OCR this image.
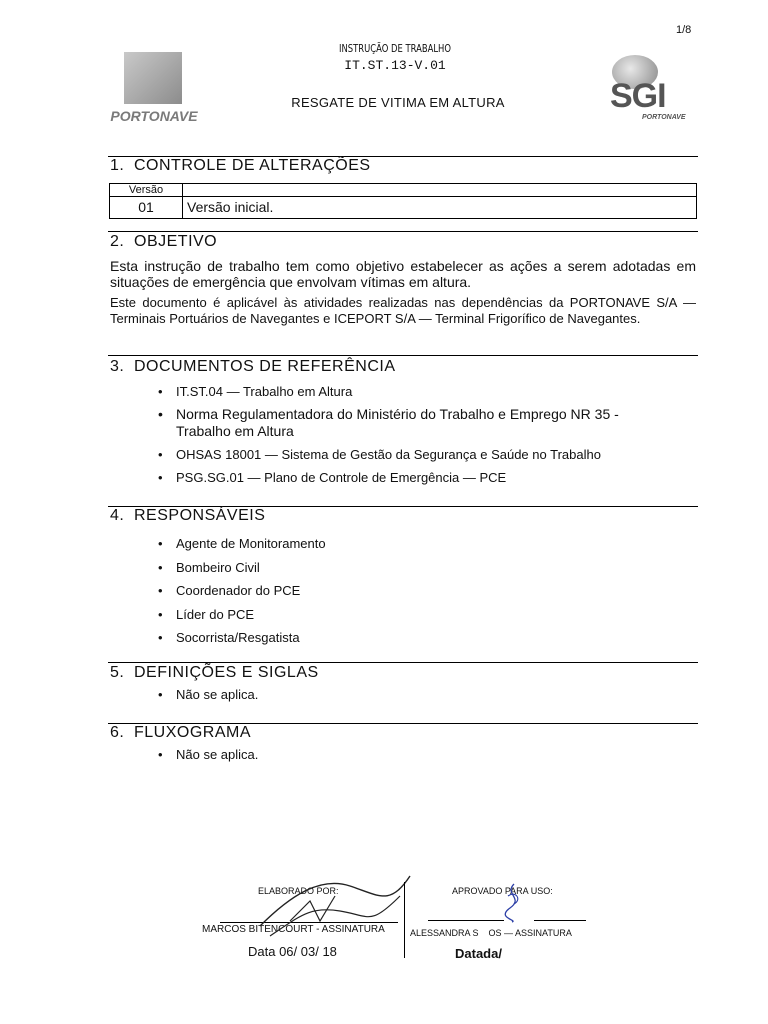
1/8
PORTONAVE
INSTRUÇÃO DE TRABALHO
IT.ST.13-V.01
RESGATE DE VITIMA EM ALTURA	SGI
PORTONAVE
1. CONTROLE DE ALTERAÇÕES
Versão	
01	Versão inicial.
2. OBJETIVO
Esta instrução de trabalho tem como objetivo estabelecer as ações a serem adotadas em situações de emergência que envolvam vítimas em altura.
Este documento é aplicável às atividades realizadas nas dependências da PORTONAVE S/A — Terminais Portuários de Navegantes e ICEPORT S/A — Terminal Frigorífico de Navegantes.
3. DOCUMENTOS DE REFERÊNCIA
• IT.ST.04 — Trabalho em Altura
• Norma Regulamentadora do Ministério do Trabalho e Emprego NR 35 - Trabalho em Altura
• OHSAS 18001 — Sistema de Gestão da Segurança e Saúde no Trabalho
• PSG.SG.01 — Plano de Controle de Emergência — PCE
4. RESPONSÁVEIS
• Agente de Monitoramento
• Bombeiro Civil
• Coordenador do PCE
• Líder do PCE
• Socorrista/Resgatista
5. DEFINIÇÕES E SIGLAS
• Não se aplica.
6. FLUXOGRAMA
• Não se aplica.
ELABORADO POR:
MARCOS BITENCOURT - ASSINATURA
Data 06/ 03/ 18
APROVADO PARA USO:
ALESSANDRA S    OS — ASSINATURA
Datada/
